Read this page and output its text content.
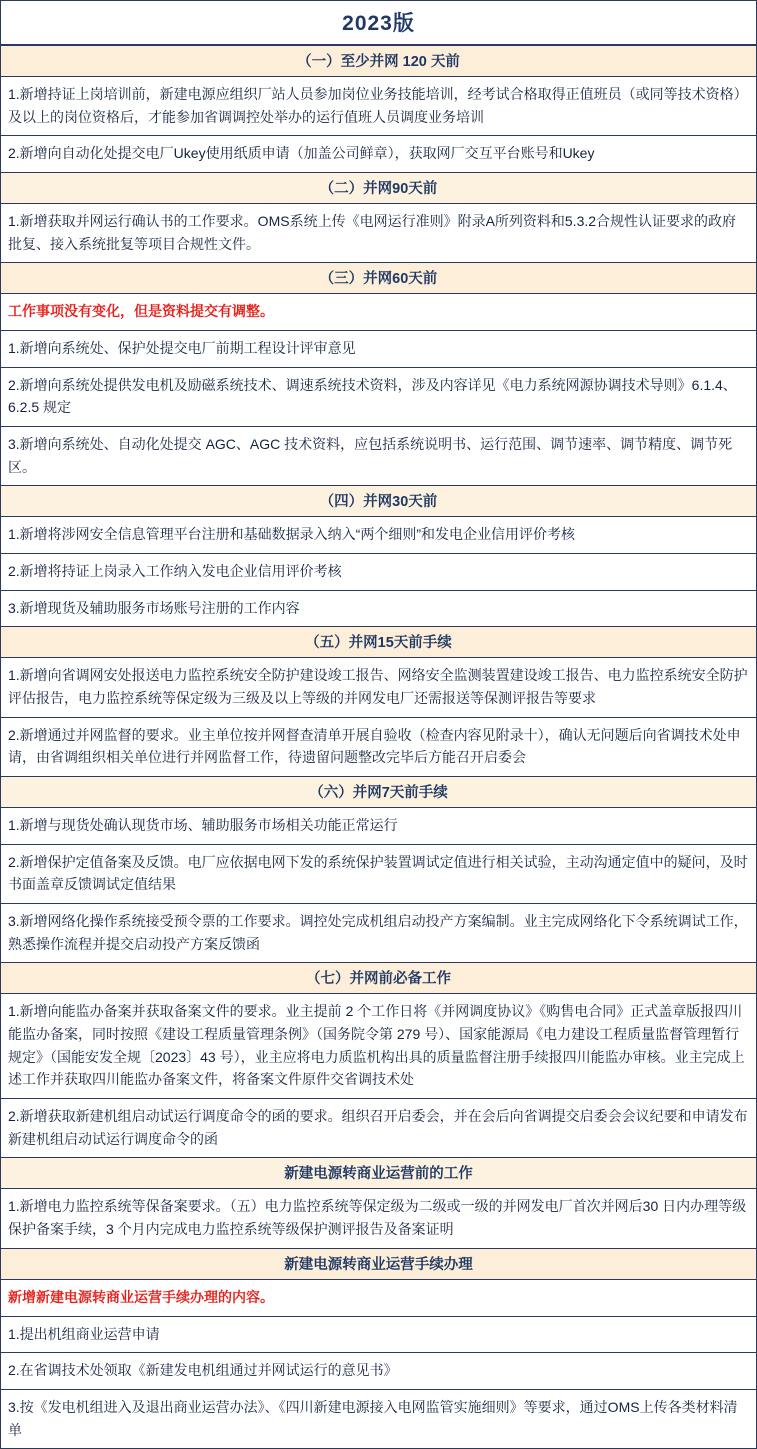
2023版
（一）至少并网 120 天前
1.新增持证上岗培训前，新建电源应组织厂站人员参加岗位业务技能培训，经考试合格取得正值班员（或同等技术资格）及以上的岗位资格后，才能参加省调调控处举办的运行值班人员调度业务培训
2.新增向自动化处提交电厂Ukey使用纸质申请（加盖公司鲜章），获取网厂交互平台账号和Ukey
（二）并网90天前
1.新增获取并网运行确认书的工作要求。OMS系统上传《电网运行准则》附录A所列资料和5.3.2合规性认证要求的政府批复、接入系统批复等项目合规性文件。
（三）并网60天前
工作事项没有变化，但是资料提交有调整。
1.新增向系统处、保护处提交电厂前期工程设计评审意见
2.新增向系统处提供发电机及励磁系统技术、调速系统技术资料，涉及内容详见《电力系统网源协调技术导则》6.1.4、6.2.5 规定
3.新增向系统处、自动化处提交 AGC、AGC 技术资料，应包括系统说明书、运行范围、调节速率、调节精度、调节死区。
（四）并网30天前
1.新增将涉网安全信息管理平台注册和基础数据录入纳入“两个细则”和发电企业信用评价考核
2.新增将持证上岗录入工作纳入发电企业信用评价考核
3.新增现货及辅助服务市场账号注册的工作内容
（五）并网15天前手续
1.新增向省调网安处报送电力监控系统安全防护建设竣工报告、网络安全监测装置建设竣工报告、电力监控系统安全防护评估报告，电力监控系统等保定级为三级及以上等级的并网发电厂还需报送等保测评报告等要求
2.新增通过并网监督的要求。业主单位按并网督查清单开展自验收（检查内容见附录十），确认无问题后向省调技术处申请，由省调组织相关单位进行并网监督工作，待遗留问题整改完毕后方能召开启委会
（六）并网7天前手续
1.新增与现货处确认现货市场、辅助服务市场相关功能正常运行
2.新增保护定值备案及反馈。电厂应依据电网下发的系统保护装置调试定值进行相关试验，主动沟通定值中的疑问，及时书面盖章反馈调试定值结果
3.新增网络化操作系统接受预令票的工作要求。调控处完成机组启动投产方案编制。业主完成网络化下令系统调试工作，熟悉操作流程并提交启动投产方案反馈函
（七）并网前必备工作
1.新增向能监办备案并获取备案文件的要求。业主提前 2 个工作日将《并网调度协议》《购售电合同》正式盖章版报四川能监办备案，同时按照《建设工程质量管理条例》（国务院令第 279 号）、国家能源局《电力建设工程质量监督管理暂行规定》（国能安发全规〔2023〕43 号），业主应将电力质监机构出具的质量监督注册手续报四川能监办审核。业主完成上述工作并获取四川能监办备案文件，将备案文件原件交省调技术处
2.新增获取新建机组启动试运行调度命令的函的要求。组织召开启委会，并在会后向省调提交启委会会议纪要和申请发布新建机组启动试运行调度命令的函
新建电源转商业运营前的工作
1.新增电力监控系统等保备案要求。（五）电力监控系统等保定级为二级或一级的并网发电厂首次并网后30 日内办理等级保护备案手续，3 个月内完成电力监控系统等级保护测评报告及备案证明
新建电源转商业运营手续办理
新增新建电源转商业运营手续办理的内容。
1.提出机组商业运营申请
2.在省调技术处领取《新建发电机组通过并网试运行的意见书》
3.按《发电机组进入及退出商业运营办法》、《四川新建电源接入电网监管实施细则》等要求，通过OMS上传各类材料清单
